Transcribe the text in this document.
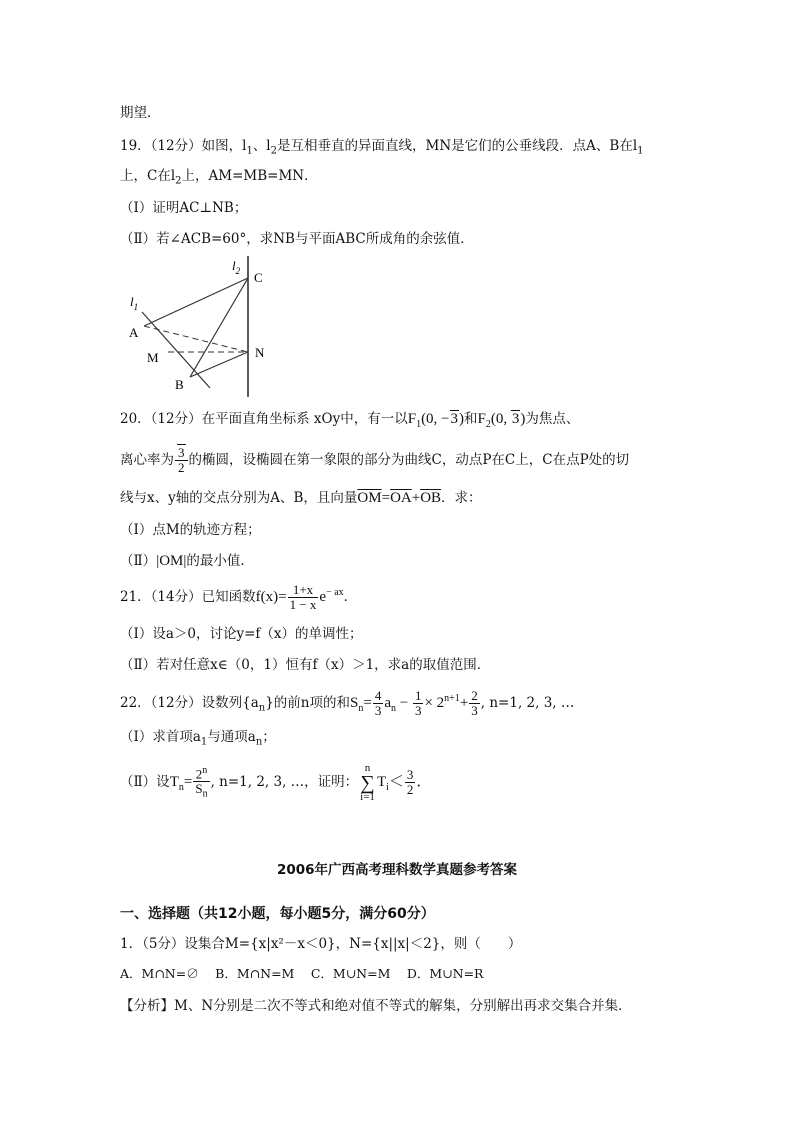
期望．
19．（12分）如图，$l_1$、$l_2$是互相垂直的异面直线，MN是它们的公垂线段．点A、B在$l_1$
上，C在$l_2$上，AM=MB=MN．
（Ⅰ）证明AC⊥NB；
（Ⅱ）若∠ACB=60°，求NB与平面ABC所成角的余弦值．
$l_2$
$l_1$
C
A
M	N
B
20．（12分）在平面直角坐标系 xOy中，有一以$F_1(0$, −3)和$F_2(0$, 3)为焦点、
离心率为 $\frac{3}{2}$ 的椭圆，设椭圆在第一象限的部分为曲线C，动点P在C上，C在点P处的切
线与x、y轴的交点分别为A、B，且向量$\overline{OM}=\overline{OA}+\overline{OB}$．求：
（Ⅰ）点M的轨迹方程；
（Ⅱ）|OM|的最小值．
21．（14分）已知函数$f(x)= \frac{1+x}{1 - x} e^{- ax}$．
（Ⅰ）设a＞0，讨论y=f（x）的单调性；
（Ⅱ）若对任意x∈（0，1）恒有f（x）＞1，求a的取值范围．
22．（12分）设数列$\{a_n\}$的前n项的和$S_n= \frac{4}{3} a_n - \frac{1}{3} \times 2^{n+1}+ \frac{2}{3}$ , n=1, 2, 3, …
（Ⅰ）求首项$a_1$与通项$a_n$；
（Ⅱ）设$T_n= \frac{2^n}{S_n}$ , n=1, 2, 3, …，证明：
n
∑
i=1
$T_i< \frac{3}{2}$ ．
2006年广西高考理科数学真题参考答案
一、选择题（共12小题，每小题5分，满分60分）
1．（5分）设集合M={x|x²－x＜0}，N={x||x|＜2}，则（　　）
A．M∩N=∅　 B．M∩N=M　 C．M∪N=M　 D．M∪N=R
【分析】M、N分别是二次不等式和绝对值不等式的解集，分别解出再求交集合并集．
